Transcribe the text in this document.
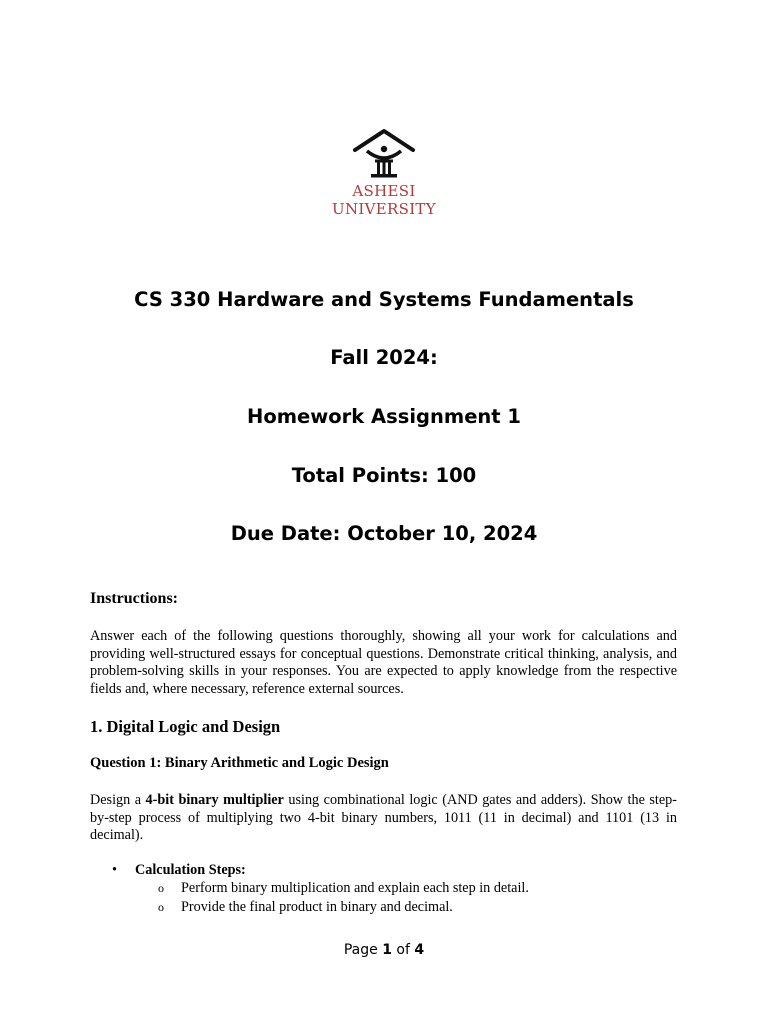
ASHESI
UNIVERSITY
CS 330 Hardware and Systems Fundamentals
Fall 2024:
Homework Assignment 1
Total Points: 100
Due Date: October 10, 2024
Instructions:
Answer each of the following questions thoroughly, showing all your work for calculations and providing well-structured essays for conceptual questions. Demonstrate critical thinking, analysis, and problem-solving skills in your responses. You are expected to apply knowledge from the respective fields and, where necessary, reference external sources.
1. Digital Logic and Design
Question 1: Binary Arithmetic and Logic Design
Design a 4-bit binary multiplier using combinational logic (AND gates and adders). Show the step-by-step process of multiplying two 4-bit binary numbers, 1011 (11 in decimal) and 1101 (13 in decimal).
• Calculation Steps:
o Perform binary multiplication and explain each step in detail.
o Provide the final product in binary and decimal.
Page 1 of 4
